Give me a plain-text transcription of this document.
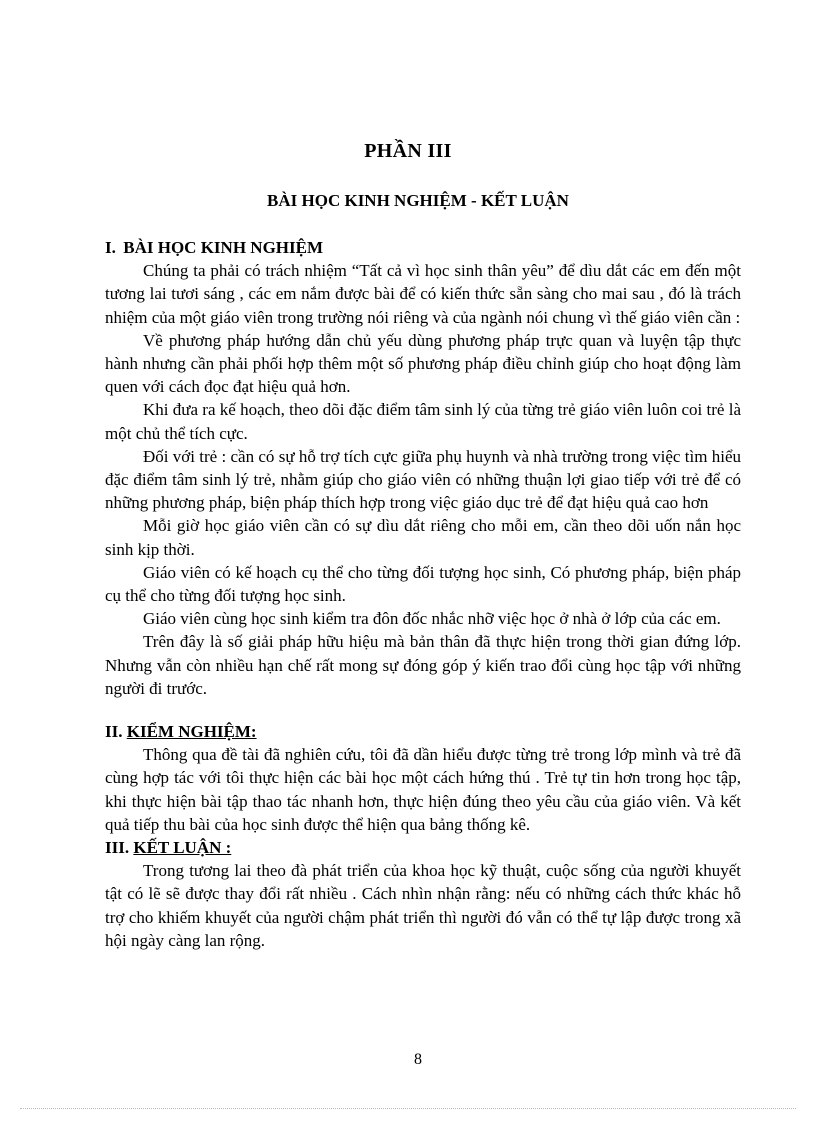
PHẦN III
BÀI HỌC KINH NGHIỆM - KẾT LUẬN
I. BÀI HỌC KINH NGHIỆM

Chúng ta phải có trách nhiệm “Tất cả vì học sinh thân yêu” để dìu dắt các em đến một tương lai tươi sáng , các em nắm được bài để có kiến thức sẵn sàng cho mai sau , đó là trách nhiệm của một giáo viên trong trường nói riêng và của ngành nói chung vì thế giáo viên cần :

Về phương pháp hướng dẫn chủ yếu dùng phương pháp trực quan và luyện tập thực hành nhưng cần phải phối hợp thêm một số phương pháp điều chỉnh giúp cho hoạt động làm quen với cách đọc đạt hiệu quả hơn.

Khi đưa ra kế hoạch, theo dõi đặc điểm tâm sinh lý của từng trẻ giáo viên luôn coi trẻ là một chủ thể tích cực.

Đối với trẻ : cần có sự hỗ trợ tích cực giữa phụ huynh và nhà trường trong việc tìm hiểu đặc điểm tâm sinh lý trẻ, nhằm giúp cho giáo viên có những thuận lợi giao tiếp với trẻ để có những phương pháp, biện pháp thích hợp trong việc giáo dục trẻ để đạt hiệu quả cao hơn

Mỗi giờ học giáo viên cần có sự dìu dắt riêng cho mỗi em, cần theo dõi uốn nắn học sinh kịp thời.

Giáo viên có kế hoạch cụ thể cho từng đối tượng học sinh, Có phương pháp, biện pháp cụ thể cho từng đối tượng học sinh.

Giáo viên cùng học sinh kiểm tra đôn đốc nhắc nhỡ việc học ở nhà ở lớp của các em.

Trên đây là số giải pháp hữu hiệu mà bản thân đã thực hiện trong thời gian đứng lớp. Nhưng vẫn còn nhiều hạn chế rất mong sự đóng góp ý kiến trao đổi cùng học tập với những người đi trước.

II. KIỂM NGHIỆM:

Thông qua đề tài đã nghiên cứu, tôi đã dần hiểu được từng trẻ trong lớp mình và trẻ đã cùng hợp tác với tôi thực hiện các bài học một cách hứng thú . Trẻ tự tin hơn trong học tập, khi thực hiện bài tập thao tác nhanh hơn, thực hiện đúng theo yêu cầu của giáo viên. Và kết quả tiếp thu bài của học sinh được thể hiện qua bảng thống kê.

III. KẾT LUẬN :

Trong tương lai theo đà phát triển của khoa học kỹ thuật, cuộc sống của người khuyết tật có lẽ sẽ được thay đổi rất nhiều . Cách nhìn nhận rằng: nếu có những cách thức khác hỗ trợ cho khiếm khuyết của người chậm phát triển thì người đó vẫn có thể tự lập được trong xã hội ngày càng lan rộng.

8
